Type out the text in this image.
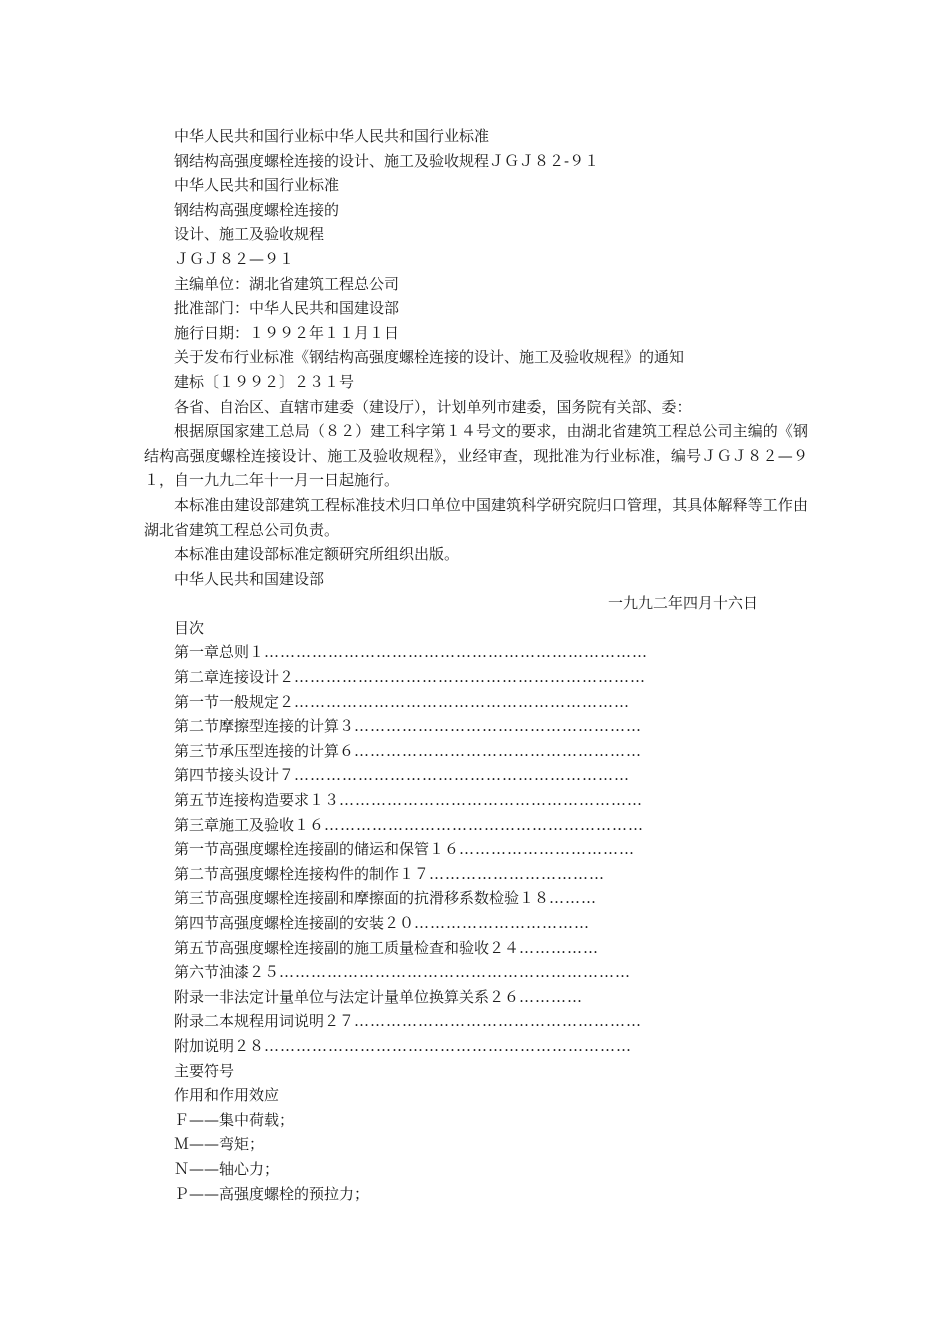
中华人民共和国行业标中华人民共和国行业标准
钢结构高强度螺栓连接的设计、施工及验收规程ＪＧＪ８２-９１
中华人民共和国行业标准
钢结构高强度螺栓连接的
设计、施工及验收规程
ＪＧＪ８２—９１
主编单位：湖北省建筑工程总公司
批准部门：中华人民共和国建设部
施行日期：１９９２年１１月１日
关于发布行业标准《钢结构高强度螺栓连接的设计、施工及验收规程》的通知
建标〔１９９２〕２３１号
各省、自治区、直辖市建委（建设厅），计划单列市建委，国务院有关部、委：
根据原国家建工总局（８２）建工科字第１４号文的要求，由湖北省建筑工程总公司主编的《钢结构高强度螺栓连接设计、施工及验收规程》，业经审查，现批准为行业标准，编号ＪＧＪ８２—９１，自一九九二年十一月一日起施行。
本标准由建设部建筑工程标准技术归口单位中国建筑科学研究院归口管理，其具体解释等工作由湖北省建筑工程总公司负责。
本标准由建设部标准定额研究所组织出版。
中华人民共和国建设部
一九九二年四月十六日
目次
第一章总则１ ………………………………………………………………
第二章连接设计２ …………………………………………………………
第一节一般规定２ ………………………………………………………
第二节摩擦型连接的计算３ ………………………………………………
第三节承压型连接的计算６ ………………………………………………
第四节接头设计７ ………………………………………………………
第五节连接构造要求１３ …………………………………………………
第三章施工及验收１６ ……………………………………………………
第一节高强度螺栓连接副的储运和保管１６ ……………………………
第二节高强度螺栓连接构件的制作１７ ……………………………
第三节高强度螺栓连接副和摩擦面的抗滑移系数检验１８ ………
第四节高强度螺栓连接副的安装２０ ……………………………
第五节高强度螺栓连接副的施工质量检查和验收２４ ……………
第六节油漆２５ …………………………………………………………
附录一非法定计量单位与法定计量单位换算关系２６ …………
附录二本规程用词说明２７ ………………………………………………
附加说明２８ ……………………………………………………………
主要符号
作用和作用效应
Ｆ——集中荷载；
Ｍ——弯矩；
Ｎ——轴心力；
Ｐ——高强度螺栓的预拉力；
